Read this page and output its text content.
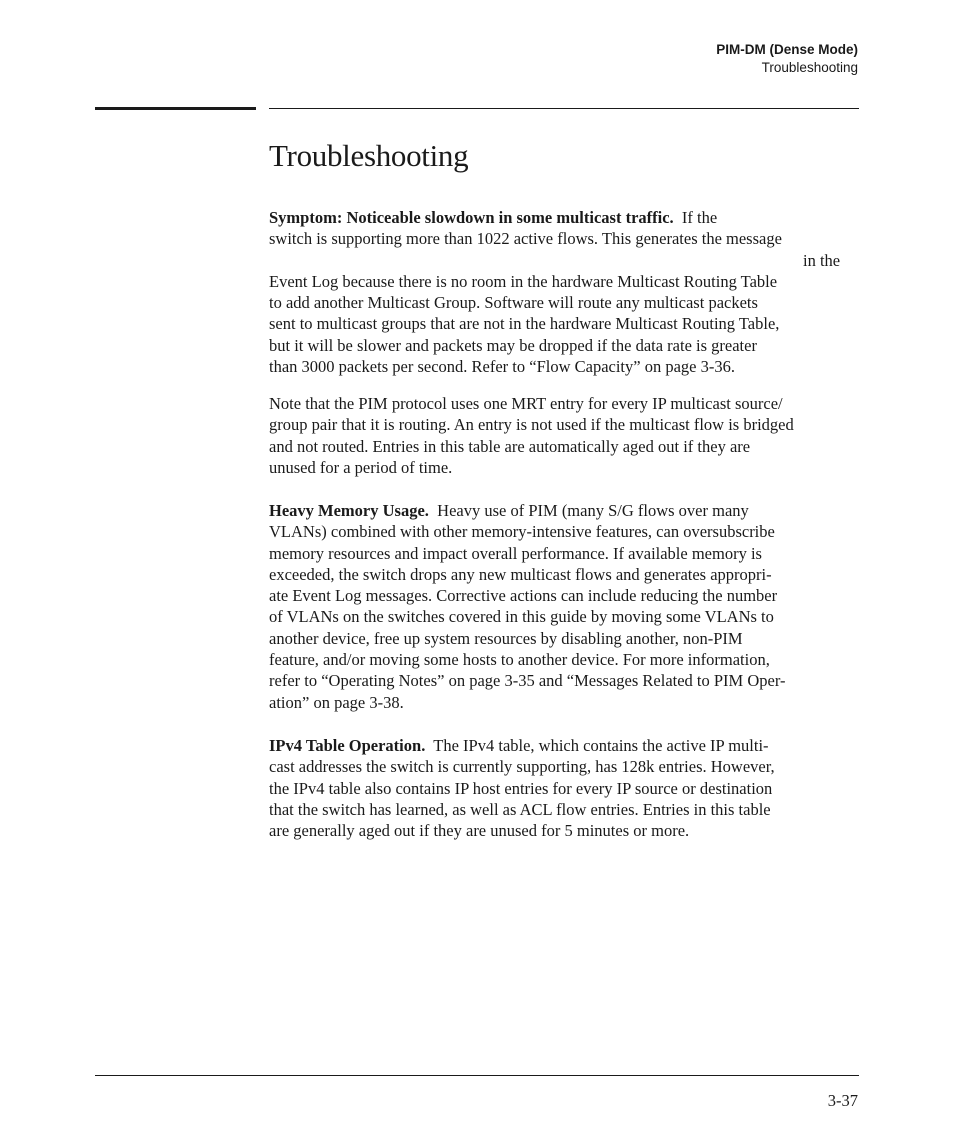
PIM-DM (Dense Mode)
Troubleshooting
Troubleshooting
Symptom: Noticeable slowdown in some multicast traffic. If the
switch is supporting more than 1022 active flows. This generates the message
in the
Event Log because there is no room in the hardware Multicast Routing Table
to add another Multicast Group. Software will route any multicast packets
sent to multicast groups that are not in the hardware Multicast Routing Table,
but it will be slower and packets may be dropped if the data rate is greater
than 3000 packets per second. Refer to “Flow Capacity” on page 3-36.
Note that the PIM protocol uses one MRT entry for every IP multicast source/
group pair that it is routing. An entry is not used if the multicast flow is bridged
and not routed. Entries in this table are automatically aged out if they are
unused for a period of time.
Heavy Memory Usage. Heavy use of PIM (many S/G flows over many
VLANs) combined with other memory-intensive features, can oversubscribe
memory resources and impact overall performance. If available memory is
exceeded, the switch drops any new multicast flows and generates appropri-
ate Event Log messages. Corrective actions can include reducing the number
of VLANs on the switches covered in this guide by moving some VLANs to
another device, free up system resources by disabling another, non-PIM
feature, and/or moving some hosts to another device. For more information,
refer to “Operating Notes” on page 3-35 and “Messages Related to PIM Oper-
ation” on page 3-38.
IPv4 Table Operation. The IPv4 table, which contains the active IP multi-
cast addresses the switch is currently supporting, has 128k entries. However,
the IPv4 table also contains IP host entries for every IP source or destination
that the switch has learned, as well as ACL flow entries. Entries in this table
are generally aged out if they are unused for 5 minutes or more.
3-37
